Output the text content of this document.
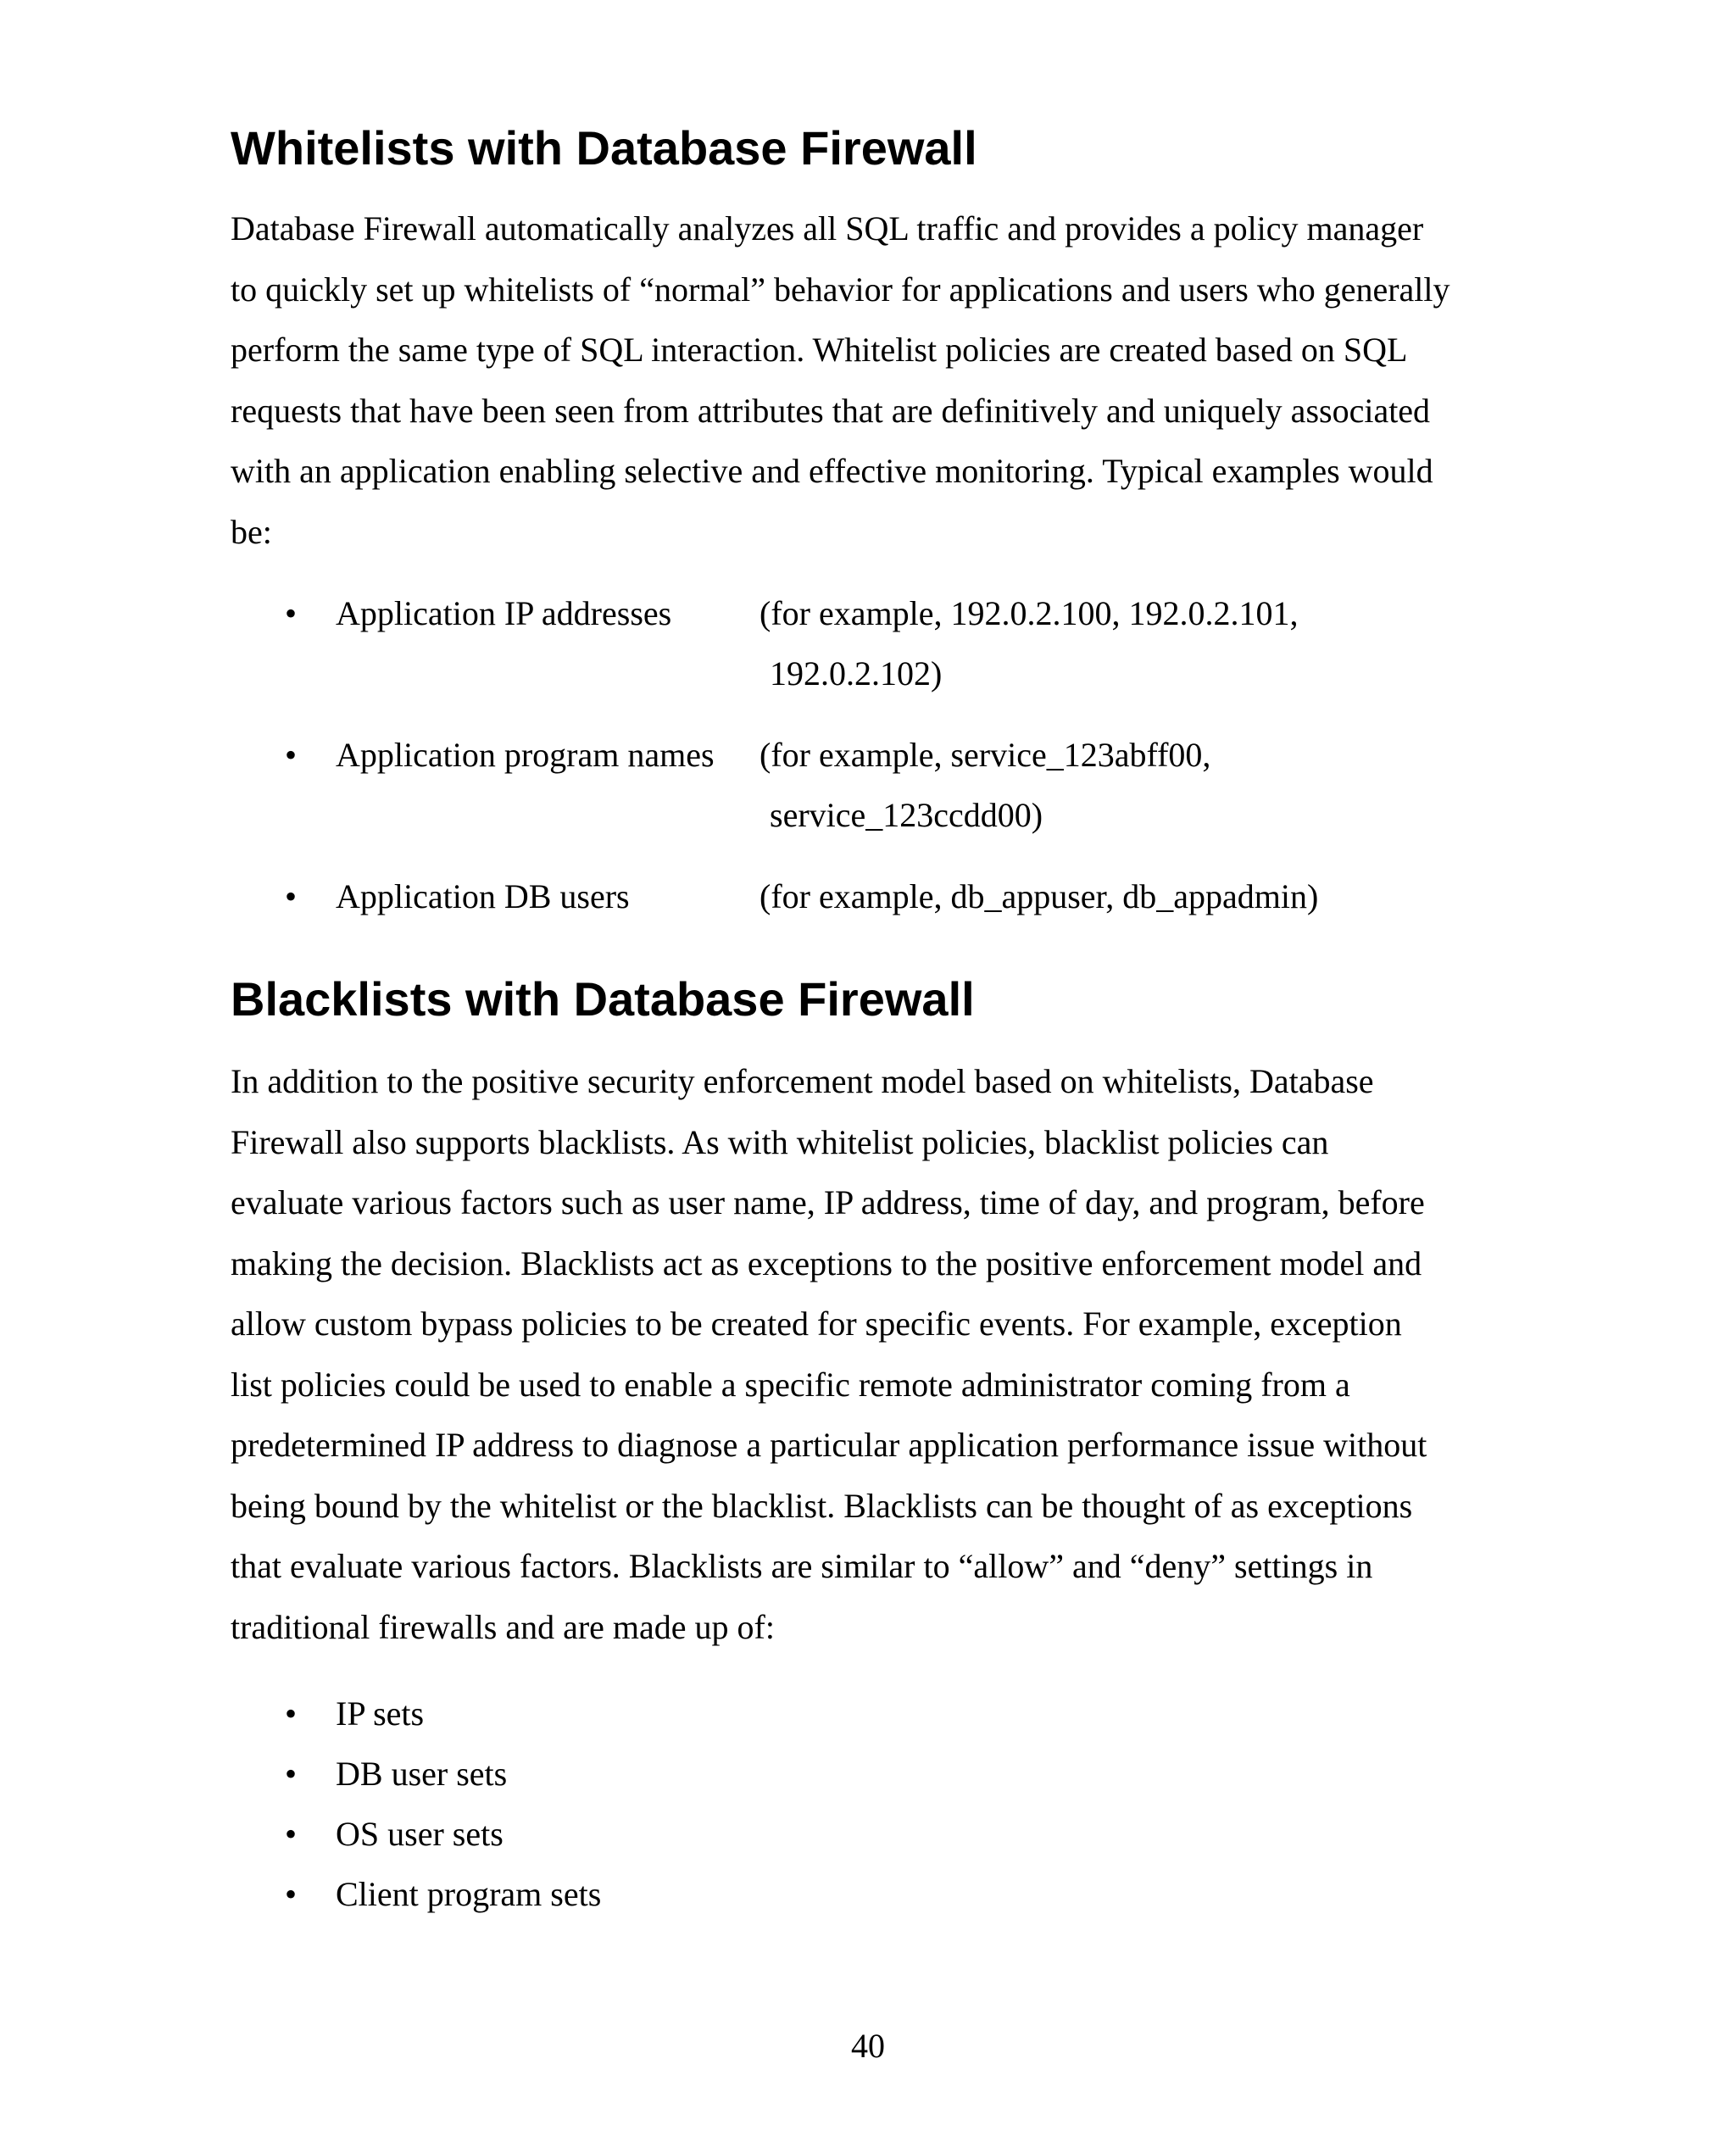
Whitelists with Database Firewall
Database Firewall automatically analyzes all SQL traffic and provides a policy manager
to quickly set up whitelists of “normal” behavior for applications and users who generally
perform the same type of SQL interaction. Whitelist policies are created based on SQL
requests that have been seen from attributes that are definitively and uniquely associated
with an application enabling selective and effective monitoring. Typical examples would
be:
• Application IP addresses	(for example, 192.0.2.100, 192.0.2.101,
192.0.2.102)
• Application program names (for example, service_123abff00,
service_123ccdd00)
• Application DB users	(for example, db_appuser, db_appadmin)
Blacklists with Database Firewall
In addition to the positive security enforcement model based on whitelists, Database
Firewall also supports blacklists. As with whitelist policies, blacklist policies can
evaluate various factors such as user name, IP address, time of day, and program, before
making the decision. Blacklists act as exceptions to the positive enforcement model and
allow custom bypass policies to be created for specific events. For example, exception
list policies could be used to enable a specific remote administrator coming from a
predetermined IP address to diagnose a particular application performance issue without
being bound by the whitelist or the blacklist. Blacklists can be thought of as exceptions
that evaluate various factors. Blacklists are similar to “allow” and “deny” settings in
traditional firewalls and are made up of:
• IP sets
• DB user sets
• OS user sets
• Client program sets
40
